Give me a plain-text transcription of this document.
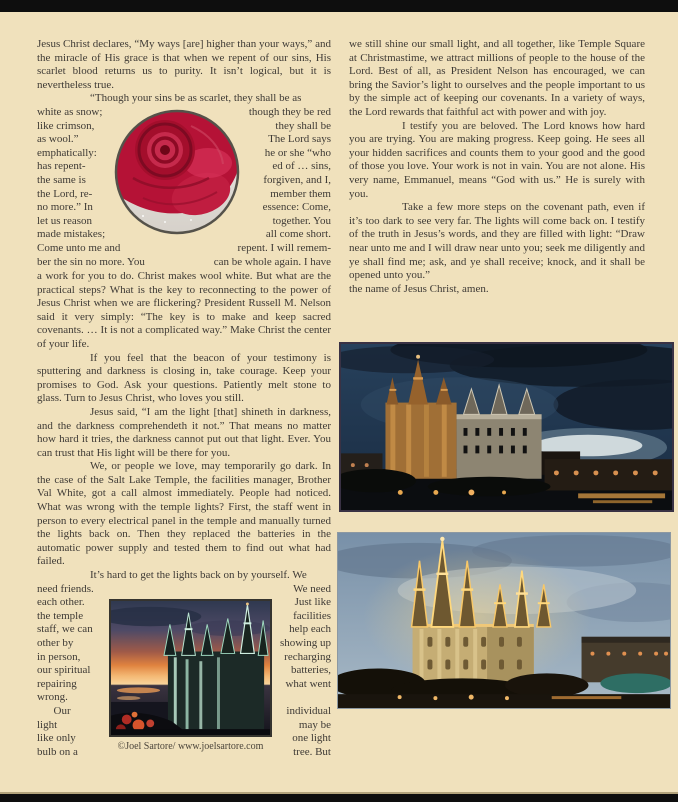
Jesus Christ declares, “My ways [are] higher than your ways,” and the miracle of His grace is that when we repent of our sins, His scarlet blood returns us to purity. It isn’t logical, but it is nevertheless true.

“Though your sins be as scarlet, they shall be as

white as snow;	though they be red
like crimson,	they shall be
as wool.”	The Lord says
emphatically:	he or she “who
has repent-	ed of … sins,
the same is	forgiven, and I,
the Lord, re-	member them
no more.” In	essence: Come,
let us reason	together. You
made mistakes;	all come short.
Come unto me and	repent. I will remem-
ber the sin no more. You	can be whole again. I have

a work for you to do. Christ makes wool white. But what are the practical steps? What is the key to reconnecting to the power of Jesus Christ when we are flickering? President Russell M. Nelson said it very simply: “The key is to make and keep sacred covenants. … It is not a complicated way.” Make Christ the center of your life.

If you feel that the beacon of your testimony is sputtering and darkness is closing in, take courage. Keep your promises to God. Ask your questions. Patiently melt stone to glass. Turn to Jesus Christ, who loves you still.

Jesus said, “I am the light [that] shineth in darkness, and the darkness comprehendeth it not.” That means no matter how hard it tries, the darkness cannot put out that light. Ever. You can trust that His light will be there for you.

We, or people we love, may temporarily go dark. In the case of the Salt Lake Temple, the facilities manager, Brother Val White, got a call almost immediately. People had noticed. What was wrong with the temple lights? First, the staff went in person to every electrical panel in the temple and manually turned the lights back on. Then they replaced the batteries in the automatic power supply and tested them to find out what had failed.

It’s hard to get the lights back on by yourself. We

need friends.	We need
each other.	Just like
the temple	facilities
staff, we can	help each
other by	showing up
in person,	recharging
our spiritual	batteries,
repairing	what went
wrong.
Our	individual
light	may be
like only	one light
bulb on a	tree. But
©Joel Sartore/ www.joelsartore.com

we still shine our small light, and all together, like Temple Square at Christmastime, we attract millions of people to the house of the Lord. Best of all, as President Nelson has encouraged, we can bring the Savior’s light to ourselves and the people important to us by the simple act of keeping our covenants. In a variety of ways, the Lord rewards that faithful act with power and with joy.

I testify you are beloved. The Lord knows how hard you are trying. You are making progress. Keep going. He sees all your hidden sacrifices and counts them to your good and the good of those you love. Your work is not in vain. You are not alone. His very name, Emmanuel, means “God with us.” He is surely with you.

Take a few more steps on the covenant path, even if it’s too dark to see very far. The lights will come back on. I testify of the truth in Jesus’s words, and they are filled with light: “Draw near unto me and I will draw near unto you; seek me diligently and ye shall find me; ask, and ye shall receive; knock, and it shall be opened unto you.”

the name of Jesus Christ, amen.
